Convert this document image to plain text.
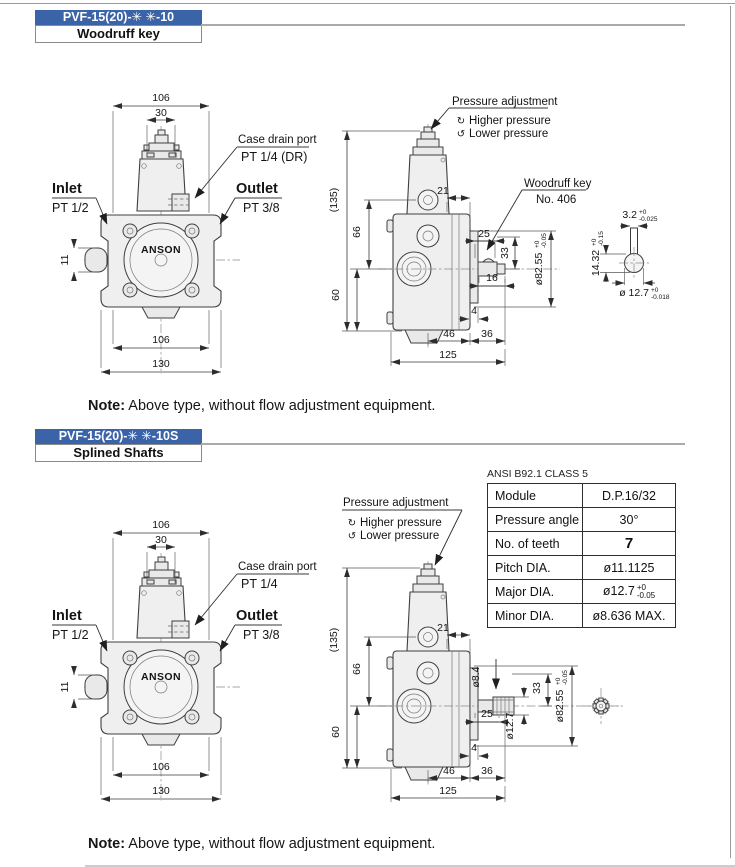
PVF-15(20)-✳ ✳-10
Woodruff key
PVF-15(20)-✳ ✳-10S
Splined Shafts
Note: Above type, without flow adjustment equipment.
Note: Above type, without flow adjustment equipment.
ANSI B92.1 CLASS 5
Module	D.P.16/32
Pressure angle	30°
No. of teeth	7
Pitch DIA.	ø11.1125
Major DIA.	ø12.7 +0
-0.05

Minor DIA.	ø8.636 MAX.
106
30
11
106
130
Inlet
PT 1/2
Outlet
PT 3/8
Case drain port
PT 1/4 (DR)
ANSON
Pressure adjustment
↻ Higher pressure
↺ Lower pressure
(135)
66
60
21
Woodruff key
No. 406
25
33
16	ø82.55
+0 -0.05
4
46	36
125
3.2 +0
-0.025
14.32
+0 -0.15
ø 12.7 +0
-0.018
106
30
11
106
130
Inlet
PT 1/2
Outlet
PT 3/8
Case drain port
PT 1/4
ANSON
Pressure adjustment
↻ Higher pressure
↺ Lower pressure
(135)
66
60
21
ø8.4
25 ø12.7
33
ø82.55
+0 -0.05
4
46	36
125
